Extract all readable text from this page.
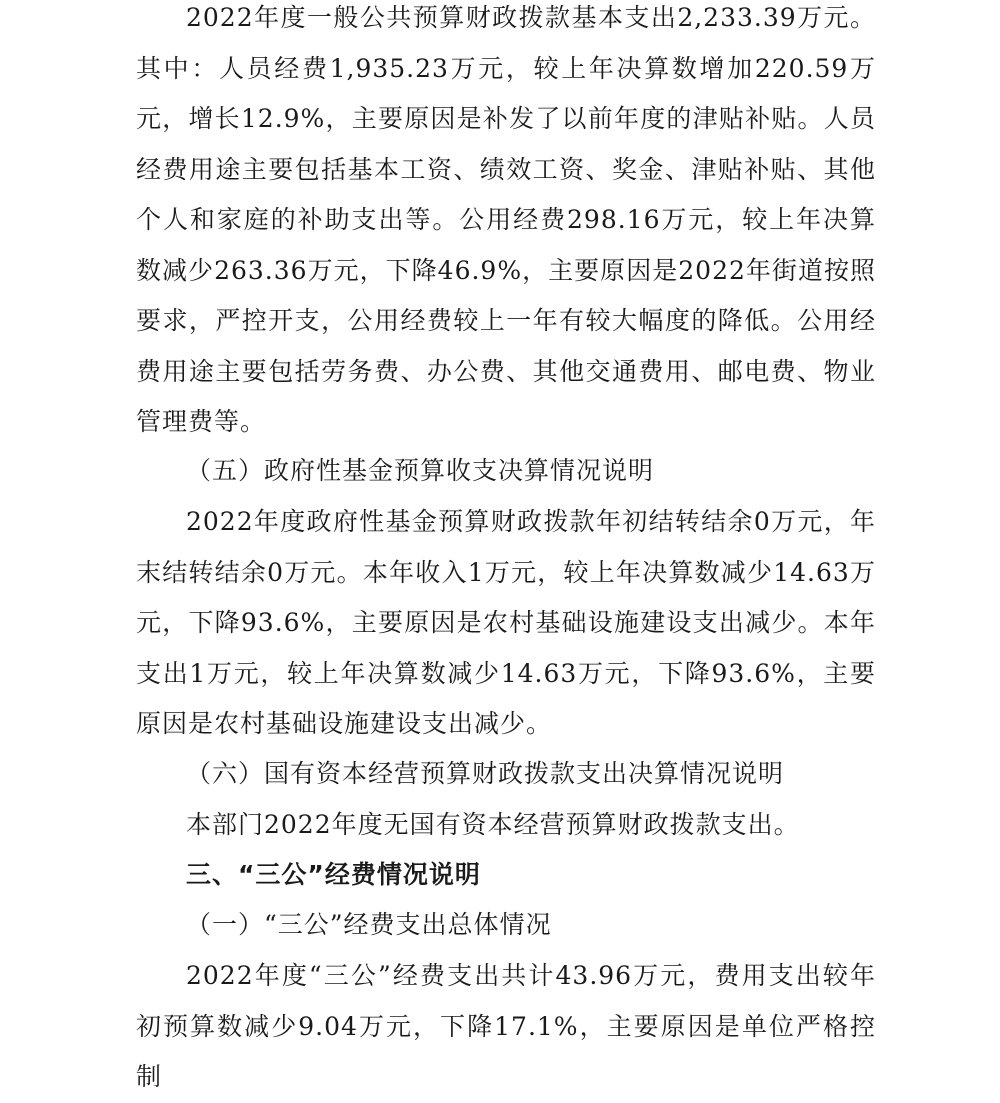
2022年度一般公共预算财政拨款基本支出2,233.39万元。其中：人员经费1,935.23万元，较上年决算数增加220.59万元，增长12.9%，主要原因是补发了以前年度的津贴补贴。人员经费用途主要包括基本工资、绩效工资、奖金、津贴补贴、其他个人和家庭的补助支出等。公用经费298.16万元，较上年决算数减少263.36万元，下降46.9%，主要原因是2022年街道按照要求，严控开支，公用经费较上一年有较大幅度的降低。公用经费用途主要包括劳务费、办公费、其他交通费用、邮电费、物业管理费等。

（五）政府性基金预算收支决算情况说明

2022年度政府性基金预算财政拨款年初结转结余0万元，年末结转结余0万元。本年收入1万元，较上年决算数减少14.63万元，下降93.6%，主要原因是农村基础设施建设支出减少。本年支出1万元，较上年决算数减少14.63万元，下降93.6%，主要原因是农村基础设施建设支出减少。

（六）国有资本经营预算财政拨款支出决算情况说明

本部门2022年度无国有资本经营预算财政拨款支出。

三、“三公”经费情况说明

（一）“三公”经费支出总体情况

2022年度“三公”经费支出共计43.96万元，费用支出较年初预算数减少9.04万元，下降17.1%，主要原因是单位严格控制
